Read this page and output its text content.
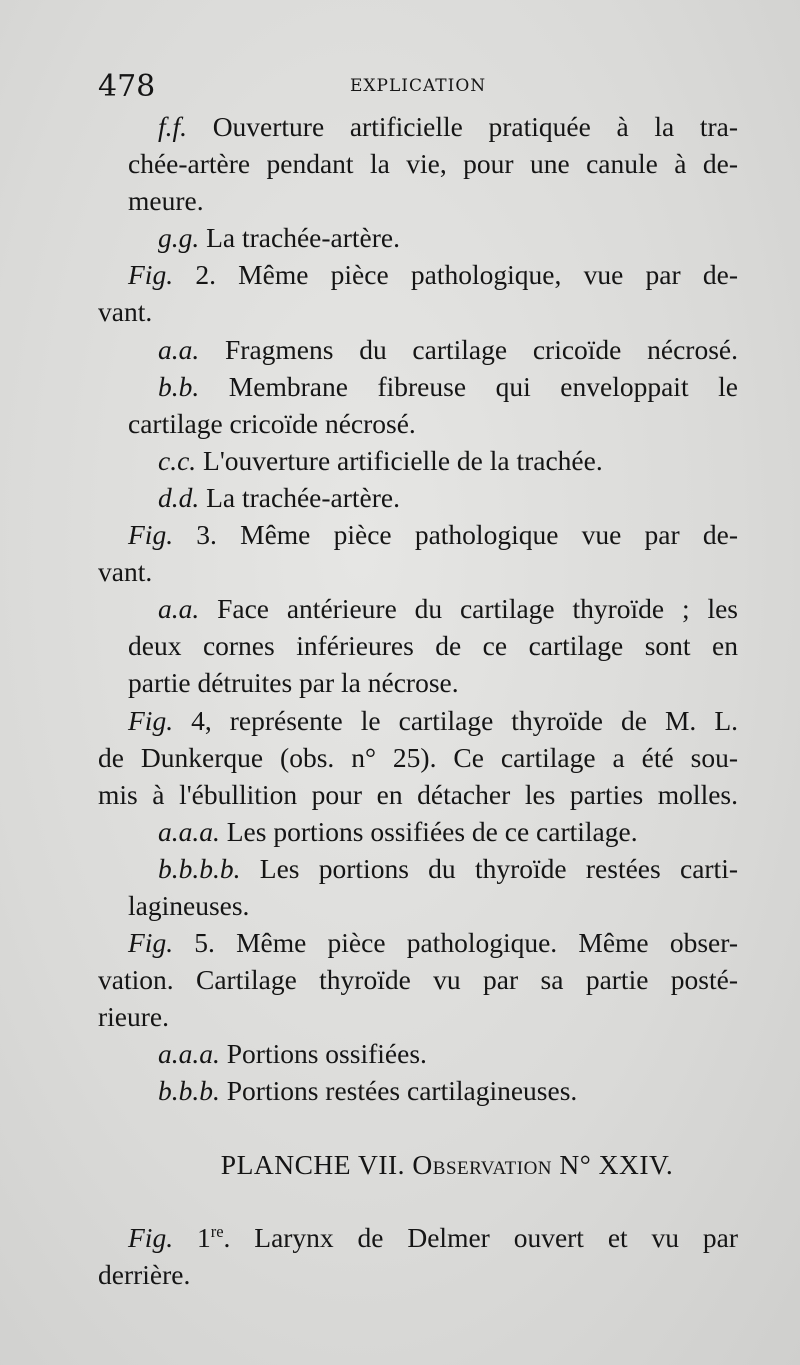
478	EXPLICATION
f.f. Ouverture artificielle pratiquée à la tra-
chée-artère pendant la vie, pour une canule à de-
meure.
g.g. La trachée-artère.
Fig. 2. Même pièce pathologique, vue par de-
vant.
a.a. Fragmens du cartilage cricoïde nécrosé.
b.b. Membrane fibreuse qui enveloppait le
cartilage cricoïde nécrosé.
c.c. L'ouverture artificielle de la trachée.
d.d. La trachée-artère.
Fig. 3. Même pièce pathologique vue par de-
vant.
a.a. Face antérieure du cartilage thyroïde ; les
deux cornes inférieures de ce cartilage sont en
partie détruites par la nécrose.
Fig. 4, représente le cartilage thyroïde de M. L.
de Dunkerque (obs. n° 25). Ce cartilage a été sou-
mis à l'ébullition pour en détacher les parties molles.
a.a.a. Les portions ossifiées de ce cartilage.
b.b.b.b. Les portions du thyroïde restées carti-
lagineuses.
Fig. 5. Même pièce pathologique. Même obser-
vation. Cartilage thyroïde vu par sa partie posté-
rieure.
a.a.a. Portions ossifiées.
b.b.b. Portions restées cartilagineuses.
PLANCHE VII. Observation N° XXIV.
Fig. 1re. Larynx de Delmer ouvert et vu par
derrière.
